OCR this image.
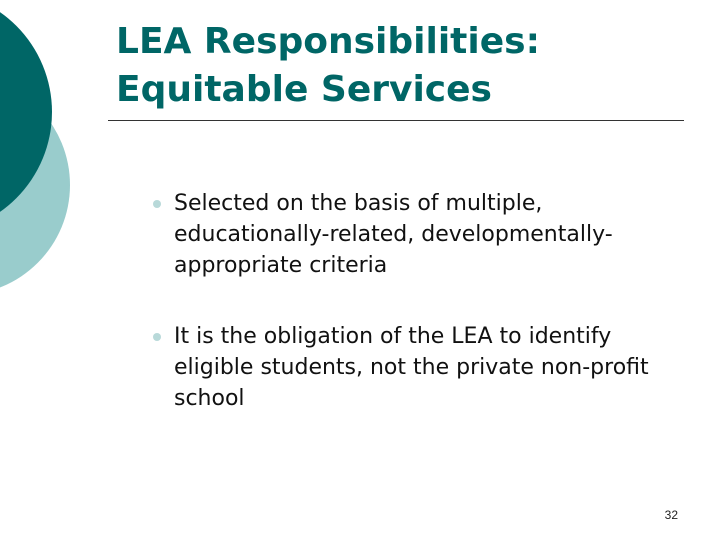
LEA Responsibilities:
Equitable Services
Selected on the basis of multiple, educationally-related, developmentally-appropriate criteria
It is the obligation of the LEA to identify eligible students, not the private non-profit school
32
